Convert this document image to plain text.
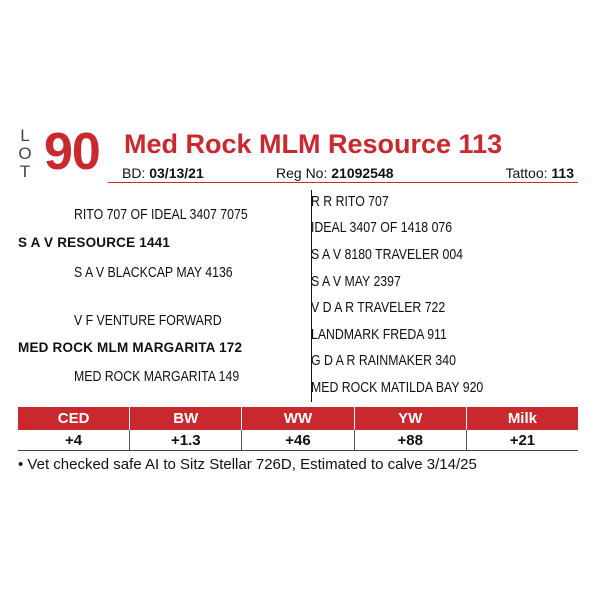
L
O
T 90 Med Rock MLM Resource 113
BD: 03/13/21	Reg No: 21092548	Tattoo: 113
RITO 707 OF IDEAL 3407 7075
S A V RESOURCE 1441
S A V BLACKCAP MAY 4136
V F VENTURE FORWARD
MED ROCK MLM MARGARITA 172
MED ROCK MARGARITA 149
R R RITO 707
IDEAL 3407 OF 1418 076
S A V 8180 TRAVELER 004
S A V MAY 2397
V D A R TRAVELER 722
LANDMARK FREDA 911
G D A R RAINMAKER 340
MED ROCK MATILDA BAY 920
CED	BW	WW	YW	Milk
+4	+1.3	+46	+88	+21
• Vet checked safe AI to Sitz Stellar 726D, Estimated to calve 3/14/25
